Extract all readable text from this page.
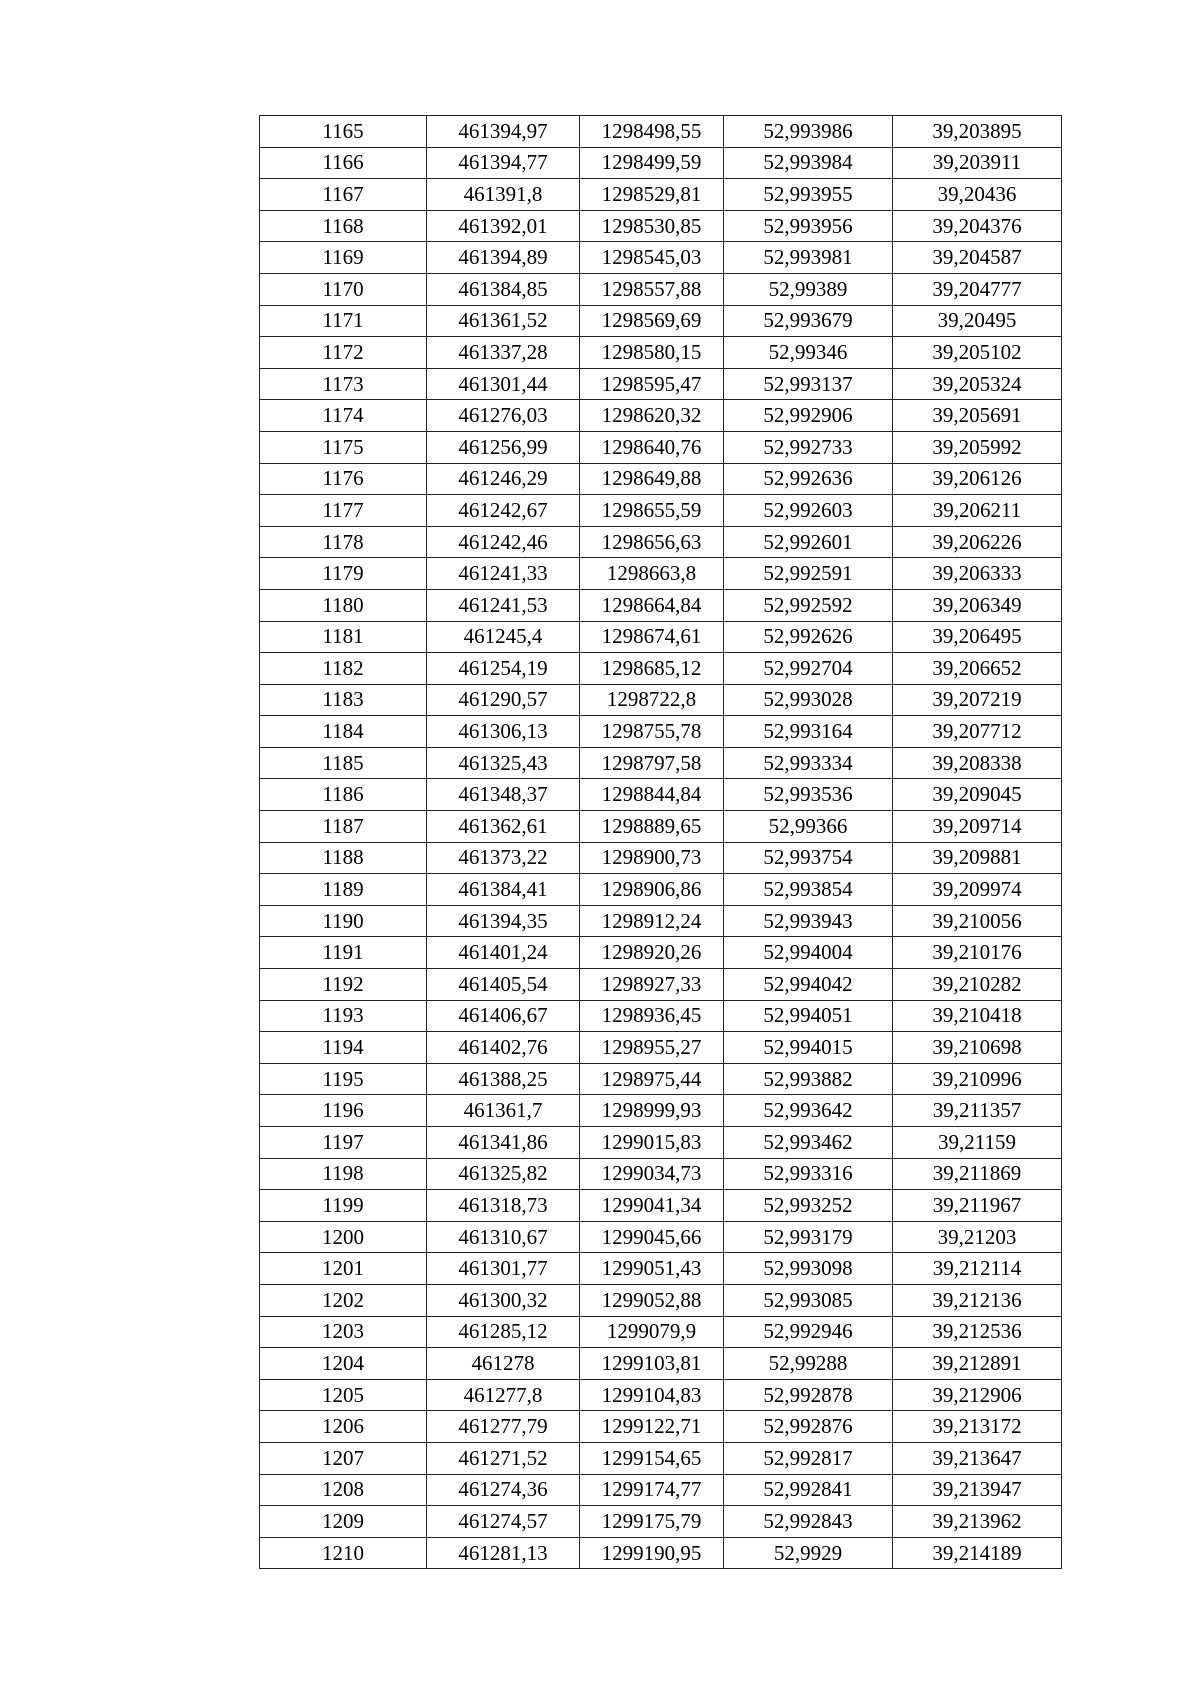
1165	461394,97	1298498,55	52,993986	39,203895
1166	461394,77	1298499,59	52,993984	39,203911
1167	461391,8	1298529,81	52,993955	39,20436
1168	461392,01	1298530,85	52,993956	39,204376
1169	461394,89	1298545,03	52,993981	39,204587
1170	461384,85	1298557,88	52,99389	39,204777
1171	461361,52	1298569,69	52,993679	39,20495
1172	461337,28	1298580,15	52,99346	39,205102
1173	461301,44	1298595,47	52,993137	39,205324
1174	461276,03	1298620,32	52,992906	39,205691
1175	461256,99	1298640,76	52,992733	39,205992
1176	461246,29	1298649,88	52,992636	39,206126
1177	461242,67	1298655,59	52,992603	39,206211
1178	461242,46	1298656,63	52,992601	39,206226
1179	461241,33	1298663,8	52,992591	39,206333
1180	461241,53	1298664,84	52,992592	39,206349
1181	461245,4	1298674,61	52,992626	39,206495
1182	461254,19	1298685,12	52,992704	39,206652
1183	461290,57	1298722,8	52,993028	39,207219
1184	461306,13	1298755,78	52,993164	39,207712
1185	461325,43	1298797,58	52,993334	39,208338
1186	461348,37	1298844,84	52,993536	39,209045
1187	461362,61	1298889,65	52,99366	39,209714
1188	461373,22	1298900,73	52,993754	39,209881
1189	461384,41	1298906,86	52,993854	39,209974
1190	461394,35	1298912,24	52,993943	39,210056
1191	461401,24	1298920,26	52,994004	39,210176
1192	461405,54	1298927,33	52,994042	39,210282
1193	461406,67	1298936,45	52,994051	39,210418
1194	461402,76	1298955,27	52,994015	39,210698
1195	461388,25	1298975,44	52,993882	39,210996
1196	461361,7	1298999,93	52,993642	39,211357
1197	461341,86	1299015,83	52,993462	39,21159
1198	461325,82	1299034,73	52,993316	39,211869
1199	461318,73	1299041,34	52,993252	39,211967
1200	461310,67	1299045,66	52,993179	39,21203
1201	461301,77	1299051,43	52,993098	39,212114
1202	461300,32	1299052,88	52,993085	39,212136
1203	461285,12	1299079,9	52,992946	39,212536
1204	461278	1299103,81	52,99288	39,212891
1205	461277,8	1299104,83	52,992878	39,212906
1206	461277,79	1299122,71	52,992876	39,213172
1207	461271,52	1299154,65	52,992817	39,213647
1208	461274,36	1299174,77	52,992841	39,213947
1209	461274,57	1299175,79	52,992843	39,213962
1210	461281,13	1299190,95	52,9929	39,214189
